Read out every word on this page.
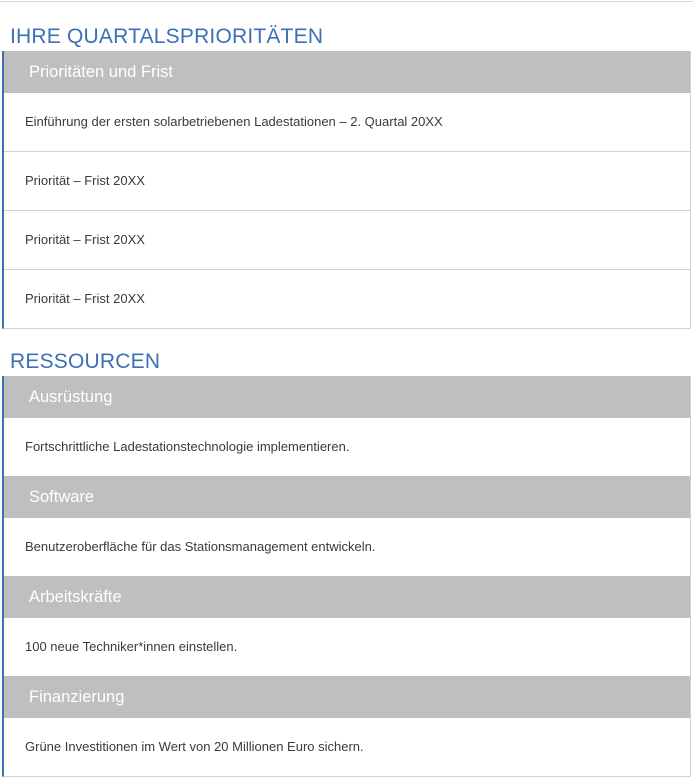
IHRE QUARTALSPRIORITÄTEN
Prioritäten und Frist
Einführung der ersten solarbetriebenen Ladestationen – 2. Quartal 20XX
Priorität – Frist 20XX
Priorität – Frist 20XX
Priorität – Frist 20XX
RESSOURCEN
Ausrüstung
Fortschrittliche Ladestationstechnologie implementieren.
Software
Benutzeroberfläche für das Stationsmanagement entwickeln.
Arbeitskräfte
100 neue Techniker*innen einstellen.
Finanzierung
Grüne Investitionen im Wert von 20 Millionen Euro sichern.
